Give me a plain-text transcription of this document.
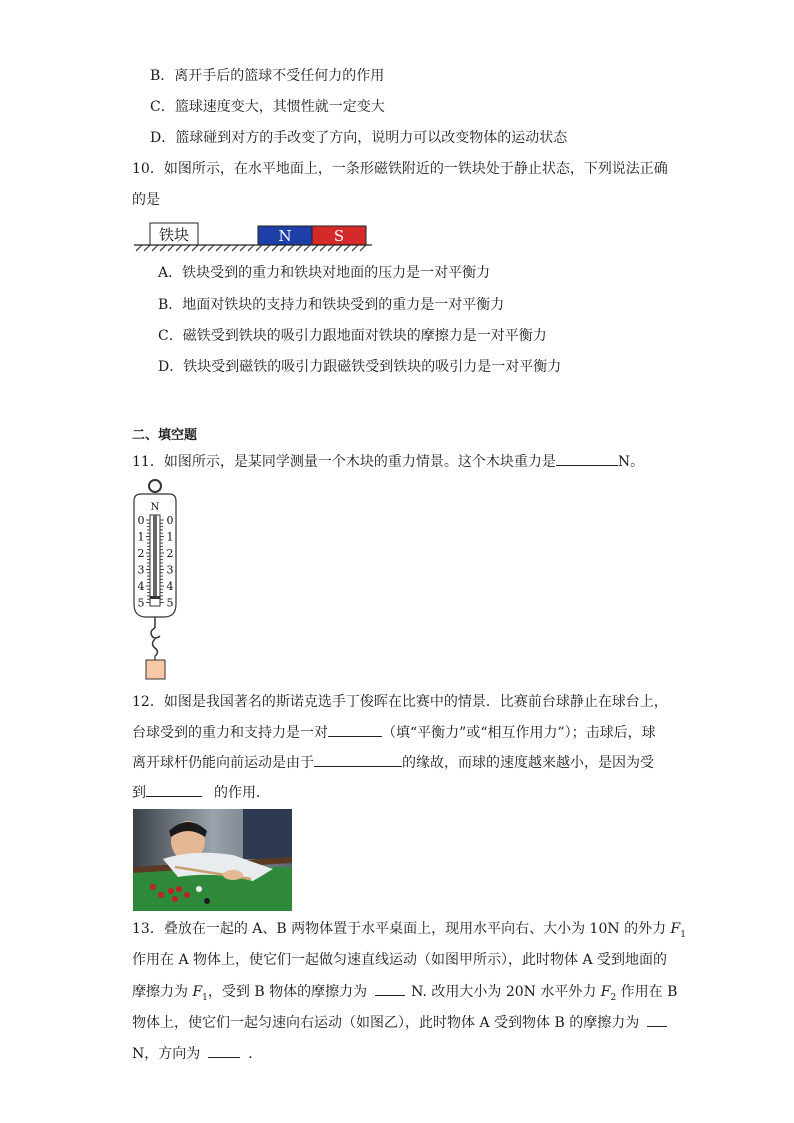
B．离开手后的篮球不受任何力的作用
C．篮球速度变大，其惯性就一定变大
D．篮球碰到对方的手改变了方向，说明力可以改变物体的运动状态
10．如图所示，在水平地面上，一条形磁铁附近的一铁块处于静止状态，下列说法正确
的是
铁块	N	S
A．铁块受到的重力和铁块对地面的压力是一对平衡力
B．地面对铁块的支持力和铁块受到的重力是一对平衡力
C．磁铁受到铁块的吸引力跟地面对铁块的摩擦力是一对平衡力
D．铁块受到磁铁的吸引力跟磁铁受到铁块的吸引力是一对平衡力
二、填空题
11．如图所示，是某同学测量一个木块的重力情景。这个木块重力是	N。
N
0
1
2
3
4
5
0
1
2
3
4
5
12．如图是我国著名的斯诺克选手丁俊晖在比赛中的情景．比赛前台球静止在球台上，
台球受到的重力和支持力是一对	（填“平衡力”或“相互作用力”）；击球后，球
离开球杆仍能向前运动是由于	的缘故，而球的速度越来越小，是因为受
到	的作用．
13．叠放在一起的 A、B 两物体置于水平桌面上，现用水平向右、大小为 10N 的外力 $F_1$
作用在 A 物体上，使它们一起做匀速直线运动（如图甲所示），此时物体 A 受到地面的
摩擦力为 $F_1$，受到 B 物体的摩擦力为	N. 改用大小为 20N 水平外力 $F_2$ 作用在 B
物体上，使它们一起匀速向右运动（如图乙），此时物体 A 受到物体 B 的摩擦力为
N，方向为	．
